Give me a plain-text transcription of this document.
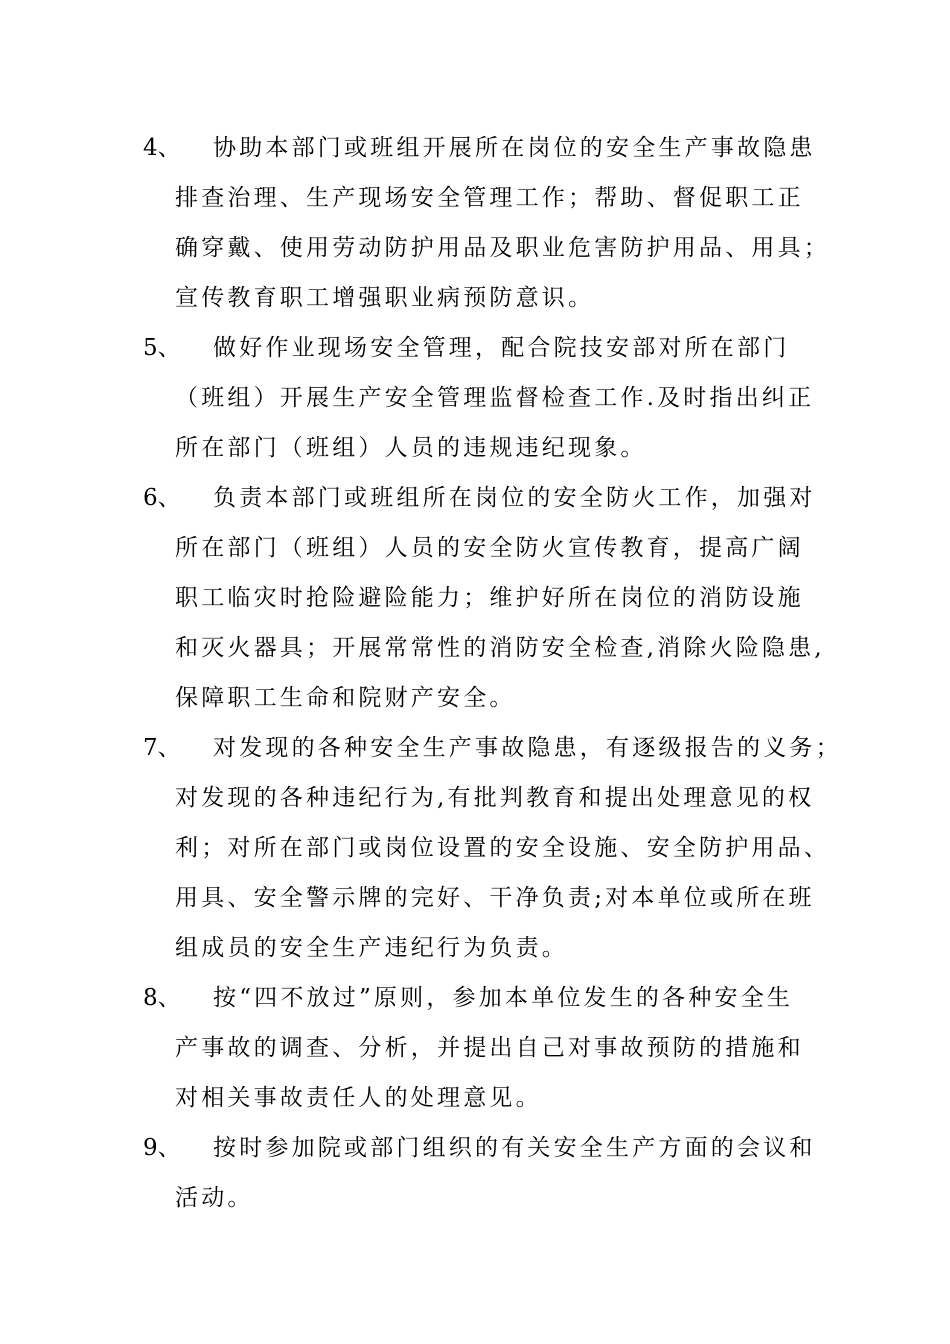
4、 协助本部门或班组开展所在岗位的安全生产事故隐患
排查治理、生产现场安全管理工作；帮助、督促职工正
确穿戴、使用劳动防护用品及职业危害防护用品、用具；
宣传教育职工增强职业病预防意识。
5、 做好作业现场安全管理，配合院技安部对所在部门
（班组）开展生产安全管理监督检查工作.及时指出纠正
所在部门（班组）人员的违规违纪现象。
6、 负责本部门或班组所在岗位的安全防火工作，加强对
所在部门（班组）人员的安全防火宣传教育，提高广阔
职工临灾时抢险避险能力；维护好所在岗位的消防设施
和灭火器具；开展常常性的消防安全检查,消除火险隐患,
保障职工生命和院财产安全。
7、 对发现的各种安全生产事故隐患，有逐级报告的义务；
对发现的各种违纪行为,有批判教育和提出处理意见的权
利；对所在部门或岗位设置的安全设施、安全防护用品、
用具、安全警示牌的完好、干净负责;对本单位或所在班
组成员的安全生产违纪行为负责。
8、 按“四不放过”原则，参加本单位发生的各种安全生
产事故的调查、分析，并提出自己对事故预防的措施和
对相关事故责任人的处理意见。
9、 按时参加院或部门组织的有关安全生产方面的会议和
活动。
